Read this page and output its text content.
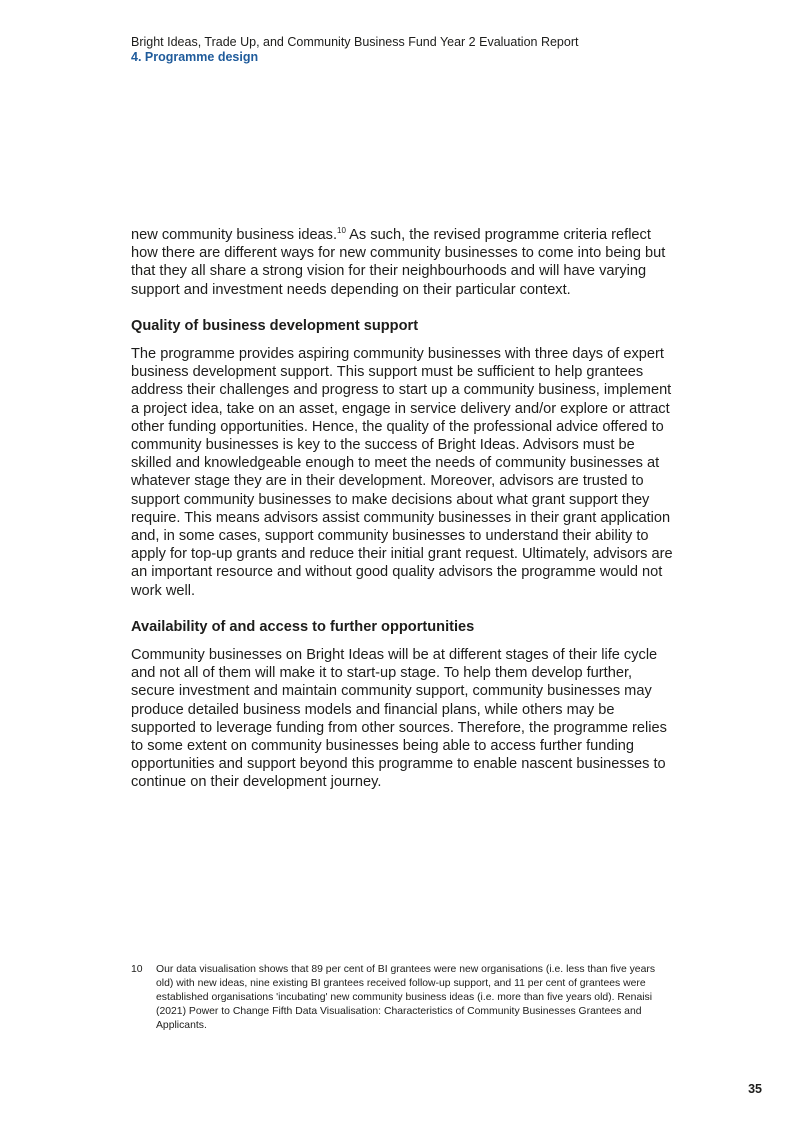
Bright Ideas, Trade Up, and Community Business Fund Year 2 Evaluation Report
4. Programme design

new community business ideas.$^{10}$ As such, the revised programme criteria reflect how there are different ways for new community businesses to come into being but that they all share a strong vision for their neighbourhoods and will have varying support and investment needs depending on their particular context.

Quality of business development support

The programme provides aspiring community businesses with three days of expert business development support. This support must be sufficient to help grantees address their challenges and progress to start up a community business, implement a project idea, take on an asset, engage in service delivery and/or explore or attract other funding opportunities. Hence, the quality of the professional advice offered to community businesses is key to the success of Bright Ideas. Advisors must be skilled and knowledgeable enough to meet the needs of community businesses at whatever stage they are in their development. Moreover, advisors are trusted to support community businesses to make decisions about what grant support they require. This means advisors assist community businesses in their grant application and, in some cases, support community businesses to understand their ability to apply for top-up grants and reduce their initial grant request. Ultimately, advisors are an important resource and without good quality advisors the programme would not work well.

Availability of and access to further opportunities

Community businesses on Bright Ideas will be at different stages of their life cycle and not all of them will make it to start-up stage. To help them develop further, secure investment and maintain community support, community businesses may produce detailed business models and financial plans, while others may be supported to leverage funding from other sources. Therefore, the programme relies to some extent on community businesses being able to access further funding opportunities and support beyond this programme to enable nascent businesses to continue on their development journey.

10	Our data visualisation shows that 89 per cent of BI grantees were new organisations (i.e. less than five years old) with new ideas, nine existing BI grantees received follow-up support, and 11 per cent of grantees were established organisations 'incubating' new community business ideas (i.e. more than five years old). Renaisi (2021) Power to Change Fifth Data Visualisation: Characteristics of Community Businesses Grantees and Applicants.
35
